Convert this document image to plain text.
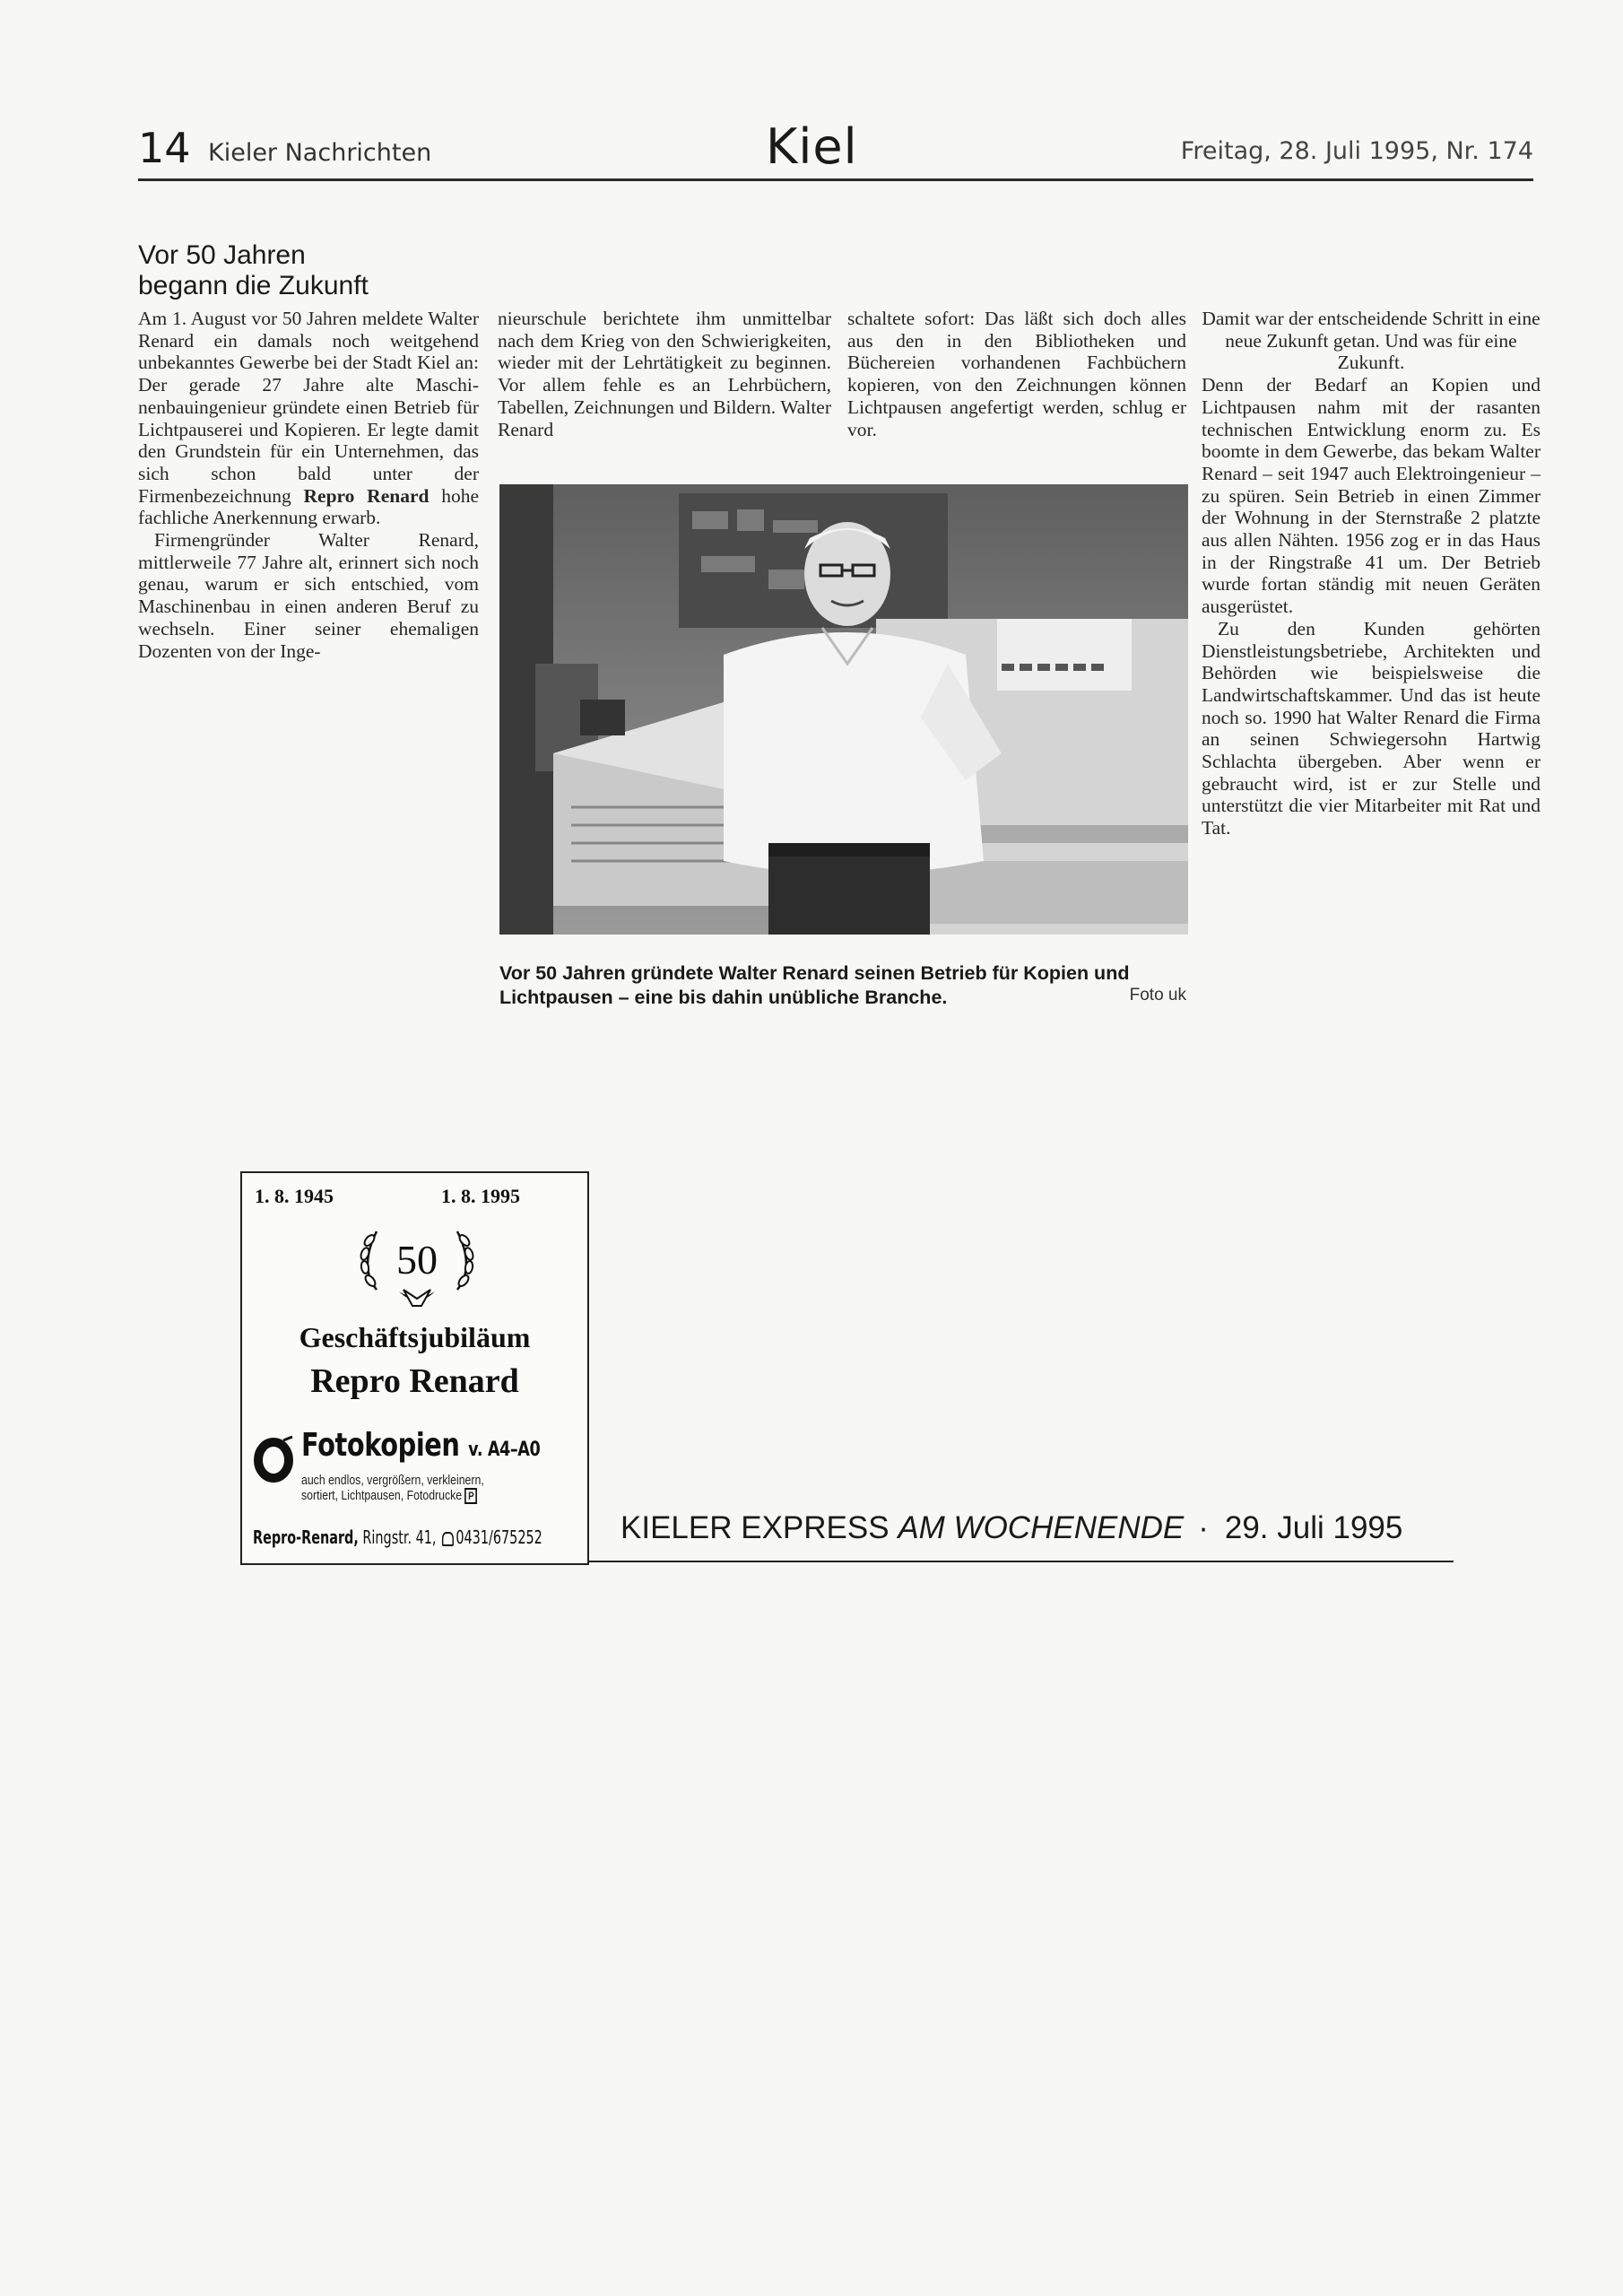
14 Kieler Nachrichten	Kiel	Freitag, 28. Juli 1995, Nr. 174
Vor 50 Jahren
begann die Zukunft

Am 1. August vor 50 Jahren meldete Walter Renard ein damals noch weitgehend unbekanntes Gewerbe bei der Stadt Kiel an: Der gerade 27 Jahre alte Maschinenbauingenieur gründete einen Betrieb für Lichtpauserei und Kopieren. Er legte damit den Grundstein für ein Unternehmen, das sich schon bald unter der Firmenbezeichnung Repro Renard hohe fachliche Anerkennung erwarb.

Firmengründer Walter Renard, mittlerweile 77 Jahre alt, erinnert sich noch genau, warum er sich entschied, vom Maschinenbau in einen anderen Beruf zu wechseln. Einer seiner ehemaligen Dozenten von der Inge-

nieurschule berichtete ihm unmittelbar nach dem Krieg von den Schwierigkeiten, wieder mit der Lehrtätigkeit zu beginnen. Vor allem fehle es an Lehrbüchern, Tabellen, Zeichnungen und Bildern. Walter Renard

schaltete sofort: Das läßt sich doch alles aus den in den Bibliotheken und Büchereien vorhandenen Fachbüchern kopieren, von den Zeichnungen können Lichtpausen angefertigt werden, schlug er vor.

Damit war der entscheidende Schritt in eine neue Zukunft getan. Und was für eine Zukunft.

Denn der Bedarf an Kopien und Lichtpausen nahm mit der rasanten technischen Entwicklung enorm zu. Es boomte in dem Gewerbe, das bekam Walter Renard – seit 1947 auch Elektroingenieur – zu spüren. Sein Betrieb in einen Zimmer der Wohnung in der Sternstraße 2 platzte aus allen Nähten. 1956 zog er in das Haus in der Ringstraße 41 um. Der Betrieb wurde fortan ständig mit neuen Geräten ausgerüstet.

Zu den Kunden gehörten Dienstleistungsbetriebe, Architekten und Behörden wie beispielsweise die Landwirtschaftskammer. Und das ist heute noch so. 1990 hat Walter Renard die Firma an seinen Schwiegersohn Hartwig Schlachta übergeben. Aber wenn er gebraucht wird, ist er zur Stelle und unterstützt die vier Mitarbeiter mit Rat und Tat.

Vor 50 Jahren gründete Walter Renard seinen Betrieb für Kopien und Lichtpausen – eine bis dahin unübliche Branche.	Foto uk
1. 8. 1945	1. 8. 1995
50
Geschäftsjubiläum
Repro Renard
Fotokopien v. A4–A0
auch endlos, vergrößern, verkleinern,
sortiert, Lichtpausen, Fotodrucke P
Repro-Renard, Ringstr. 41, 0431/675252 KIELER EXPRESS AM WOCHENENDE · 29. Juli 1995
